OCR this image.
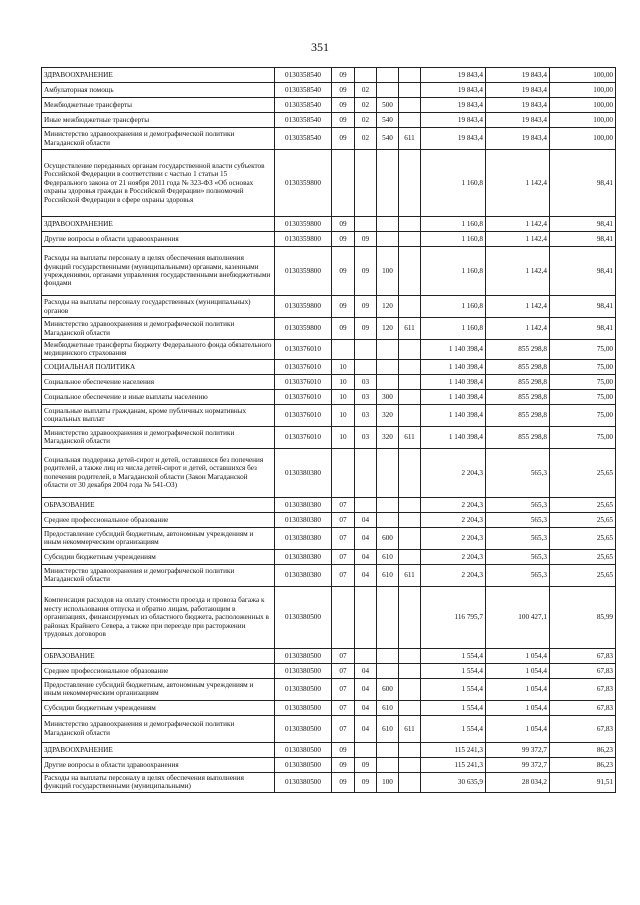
351
ЗДРАВООХРАНЕНИЕ	0130358540	09				19 843,4	19 843,4	100,00
Амбулаторная помощь	0130358540	09	02			19 843,4	19 843,4	100,00
Межбюджетные трансферты	0130358540	09	02	500		19 843,4	19 843,4	100,00
Иные межбюджетные трансферты	0130358540	09	02	540		19 843,4	19 843,4	100,00
Министерство здравоохранения и демографической политики Магаданской области	0130358540	09	02	540	611	19 843,4	19 843,4	100,00
Осуществление переданных органам государственной власти субъектов Российской Федерации в соответствии с частью 1 статьи 15 Федерального закона от 21 ноября 2011 года № 323-ФЗ «Об основах охраны здоровья граждан в Российской Федерации» полномочий Российской Федерации в сфере охраны здоровья	0130359800					1 160,8	1 142,4	98,41
ЗДРАВООХРАНЕНИЕ	0130359800	09				1 160,8	1 142,4	98,41
Другие вопросы в области здравоохранения	0130359800	09	09			1 160,8	1 142,4	98,41
Расходы на выплаты персоналу в целях обеспечения выполнения функций государственными (муниципальными) органами, казенными учреждениями, органами управления государственными внебюджетными фондами	0130359800	09	09	100		1 160,8	1 142,4	98,41
Расходы на выплаты персоналу государственных (муниципальных) органов	0130359800	09	09	120		1 160,8	1 142,4	98,41
Министерство здравоохранения и демографической политики Магаданской области	0130359800	09	09	120	611	1 160,8	1 142,4	98,41
Межбюджетные трансферты бюджету Федерального фонда обязательного медицинского страхования	0130376010					1 140 398,4	855 298,8	75,00
СОЦИАЛЬНАЯ ПОЛИТИКА	0130376010	10				1 140 398,4	855 298,8	75,00
Социальное обеспечение населения	0130376010	10	03			1 140 398,4	855 298,8	75,00
Социальное обеспечение и иные выплаты населению	0130376010	10	03	300		1 140 398,4	855 298,8	75,00
Социальные выплаты гражданам, кроме публичных нормативных социальных выплат	0130376010	10	03	320		1 140 398,4	855 298,8	75,00
Министерство здравоохранения и демографической политики Магаданской области	0130376010	10	03	320	611	1 140 398,4	855 298,8	75,00
Социальная поддержка детей-сирот и детей, оставшихся без попечения родителей, а также лиц из числа детей-сирот и детей, оставшихся без попечения родителей, в Магаданской области (Закон Магаданской области от 30 декабря 2004 года № 541-ОЗ)	0130380380					2 204,3	565,3	25,65
ОБРАЗОВАНИЕ	0130380380	07				2 204,3	565,3	25,65
Среднее профессиональное образование	0130380380	07	04			2 204,3	565,3	25,65
Предоставление субсидий бюджетным, автономным учреждениям и иным некоммерческим организациям	0130380380	07	04	600		2 204,3	565,3	25,65
Субсидии бюджетным учреждениям	0130380380	07	04	610		2 204,3	565,3	25,65
Министерство здравоохранения и демографической политики Магаданской области	0130380380	07	04	610	611	2 204,3	565,3	25,65
Компенсация расходов на оплату стоимости проезда и провоза багажа к месту использования отпуска и обратно лицам, работающим в организациях, финансируемых из областного бюджета, расположенных в районах Крайнего Севера, а также при переезде при расторжении трудовых договоров	0130380500					116 795,7	100 427,1	85,99
ОБРАЗОВАНИЕ	0130380500	07				1 554,4	1 054,4	67,83
Среднее профессиональное образование	0130380500	07	04			1 554,4	1 054,4	67,83
Предоставление субсидий бюджетным, автономным учреждениям и иным некоммерческим организациям	0130380500	07	04	600		1 554,4	1 054,4	67,83
Субсидии бюджетным учреждениям	0130380500	07	04	610		1 554,4	1 054,4	67,83
Министерство здравоохранения и демографической политики Магаданской области	0130380500	07	04	610	611	1 554,4	1 054,4	67,83
ЗДРАВООХРАНЕНИЕ	0130380500	09				115 241,3	99 372,7	86,23
Другие вопросы в области здравоохранения	0130380500	09	09			115 241,3	99 372,7	86,23
Расходы на выплаты персоналу в целях обеспечения выполнения функций государственными (муниципальными)	0130380500	09	09	100		30 635,9	28 034,2	91,51
